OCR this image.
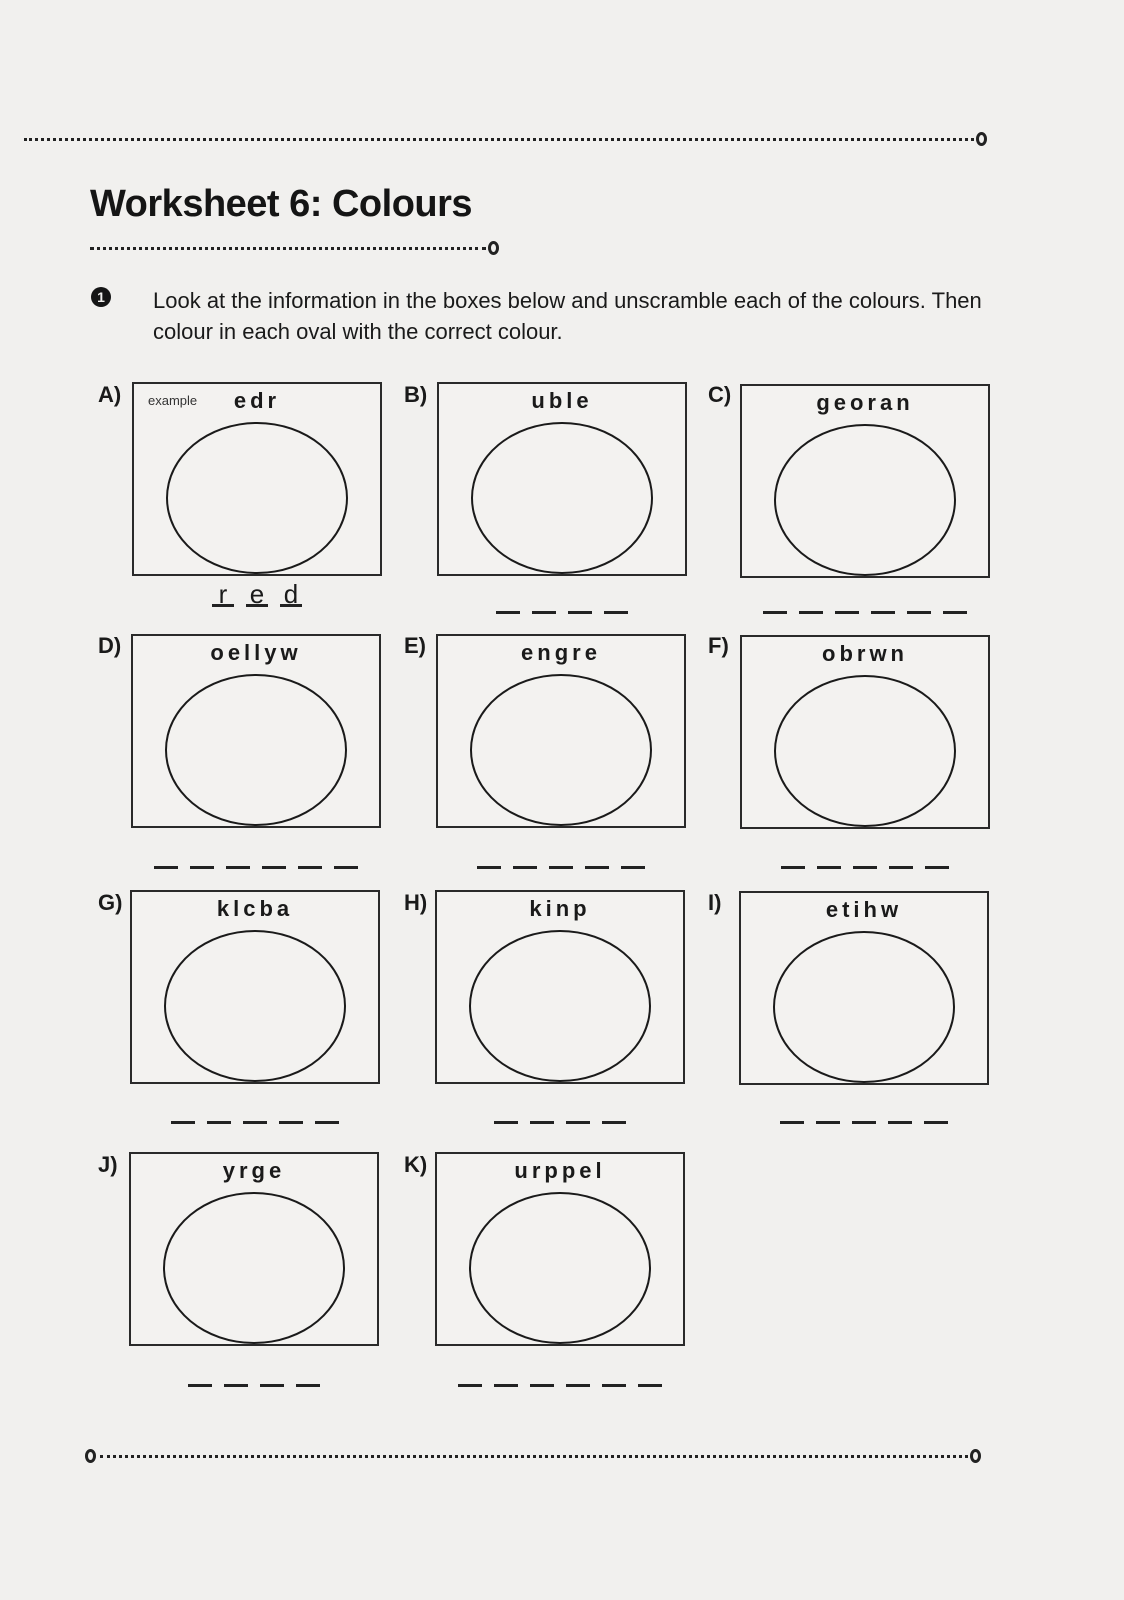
Worksheet 6: Colours
1 Look at the information in the boxes below and unscramble each of the colours. Then colour in each oval with the correct colour.
A) example	edr
r e d
B)	uble	C)	georan
D)	oellyw	E)	engre	F)	obrwn
G)	klcba	H)	kinp	I)	etihw
J)	yrge	K)	urppel
